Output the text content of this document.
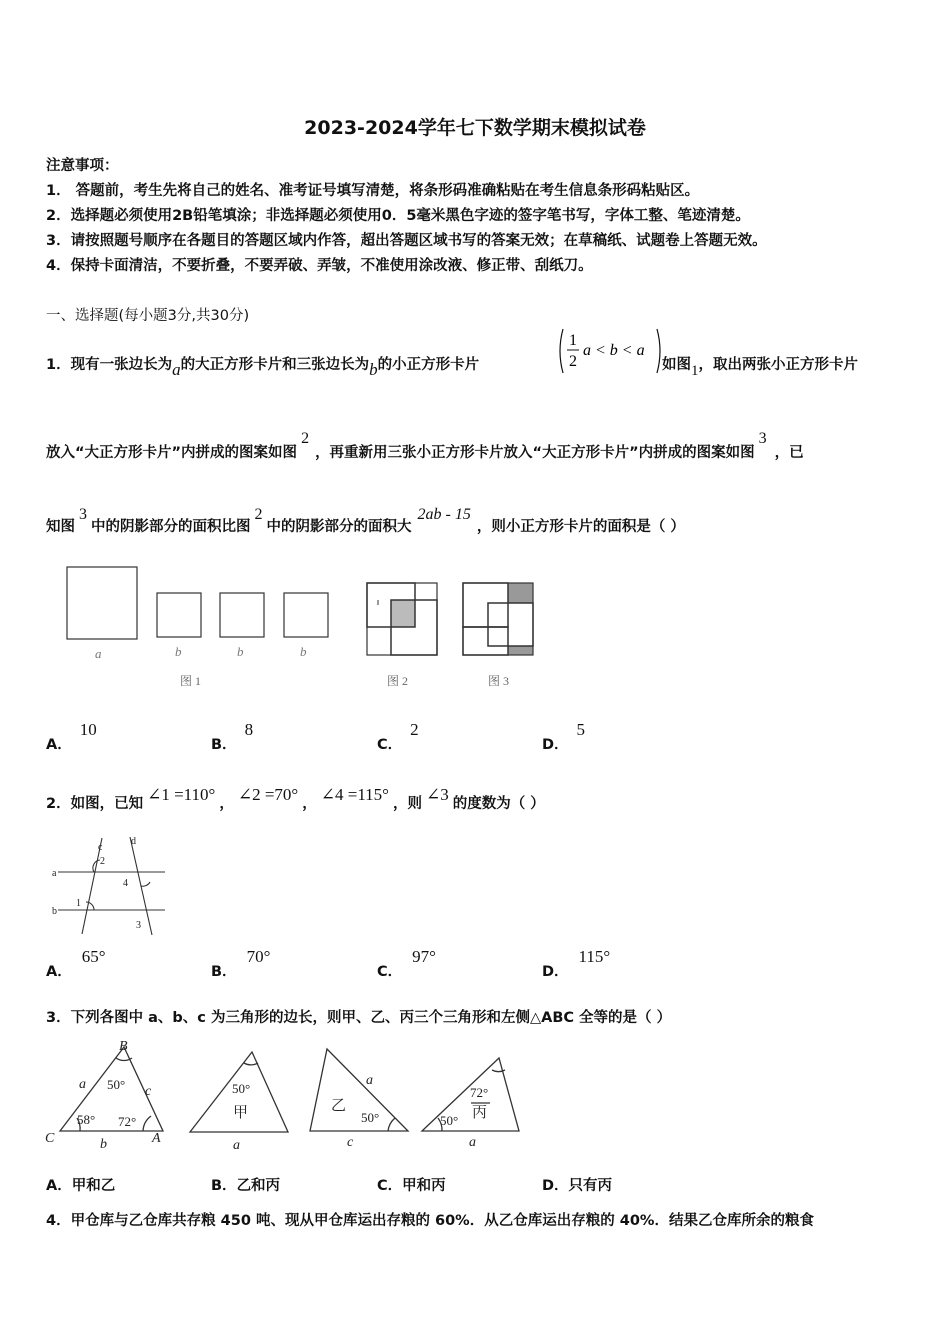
2023-2024学年七下数学期末模拟试卷
注意事项：
1． 答题前，考生先将自己的姓名、准考证号填写清楚，将条形码准确粘贴在考生信息条形码粘贴区。
2．选择题必须使用2B铅笔填涂；非选择题必须使用0．5毫米黑色字迹的签字笔书写，字体工整、笔迹清楚。
3．请按照题号顺序在各题目的答题区域内作答，超出答题区域书写的答案无效；在草稿纸、试题卷上答题无效。
4．保持卡面清洁，不要折叠，不要弄破、弄皱，不准使用涂改液、修正带、刮纸刀。
一、选择题(每小题3分,共30分)
1．现有一张边长为a的大正方形卡片和三张边长为b的小正方形卡片
1
2
a < b < a
如图1，取出两张小正方形卡片
放入“大正方形卡片”内拼成的图案如图2，再重新用三张小正方形卡片放入“大正方形卡片”内拼成的图案如图3，已
知图3中的阴影部分的面积比图2中的阴影部分的面积大2ab - 15，则小正方形卡片的面积是（ ）
a	b	b	b
图 1	图 2	图 3
A．10
B．8
C．2
D．5
2．如图，已知 ∠1 =110° ， ∠2 =70° ， ∠4 =115° ，则 ∠3 的度数为（ ）
c
d
a
b
1
2
3
4
A．65°
B．70°
C．97°
D．115°
3．下列各图中 a、b、c 为三角形的边长，则甲、乙、丙三个三角形和左侧△ABC 全等的是（ ）
B
C	A
a	c
b	a
a
c	a
50°
58° 72°
50°
50°	50°
72°
甲	乙	丙
A．甲和乙	B．乙和丙	C．甲和丙	D．只有丙
4．甲仓库与乙仓库共存粮 450 吨、现从甲仓库运出存粮的 60%．从乙仓库运出存粮的 40%．结果乙仓库所余的粮食
